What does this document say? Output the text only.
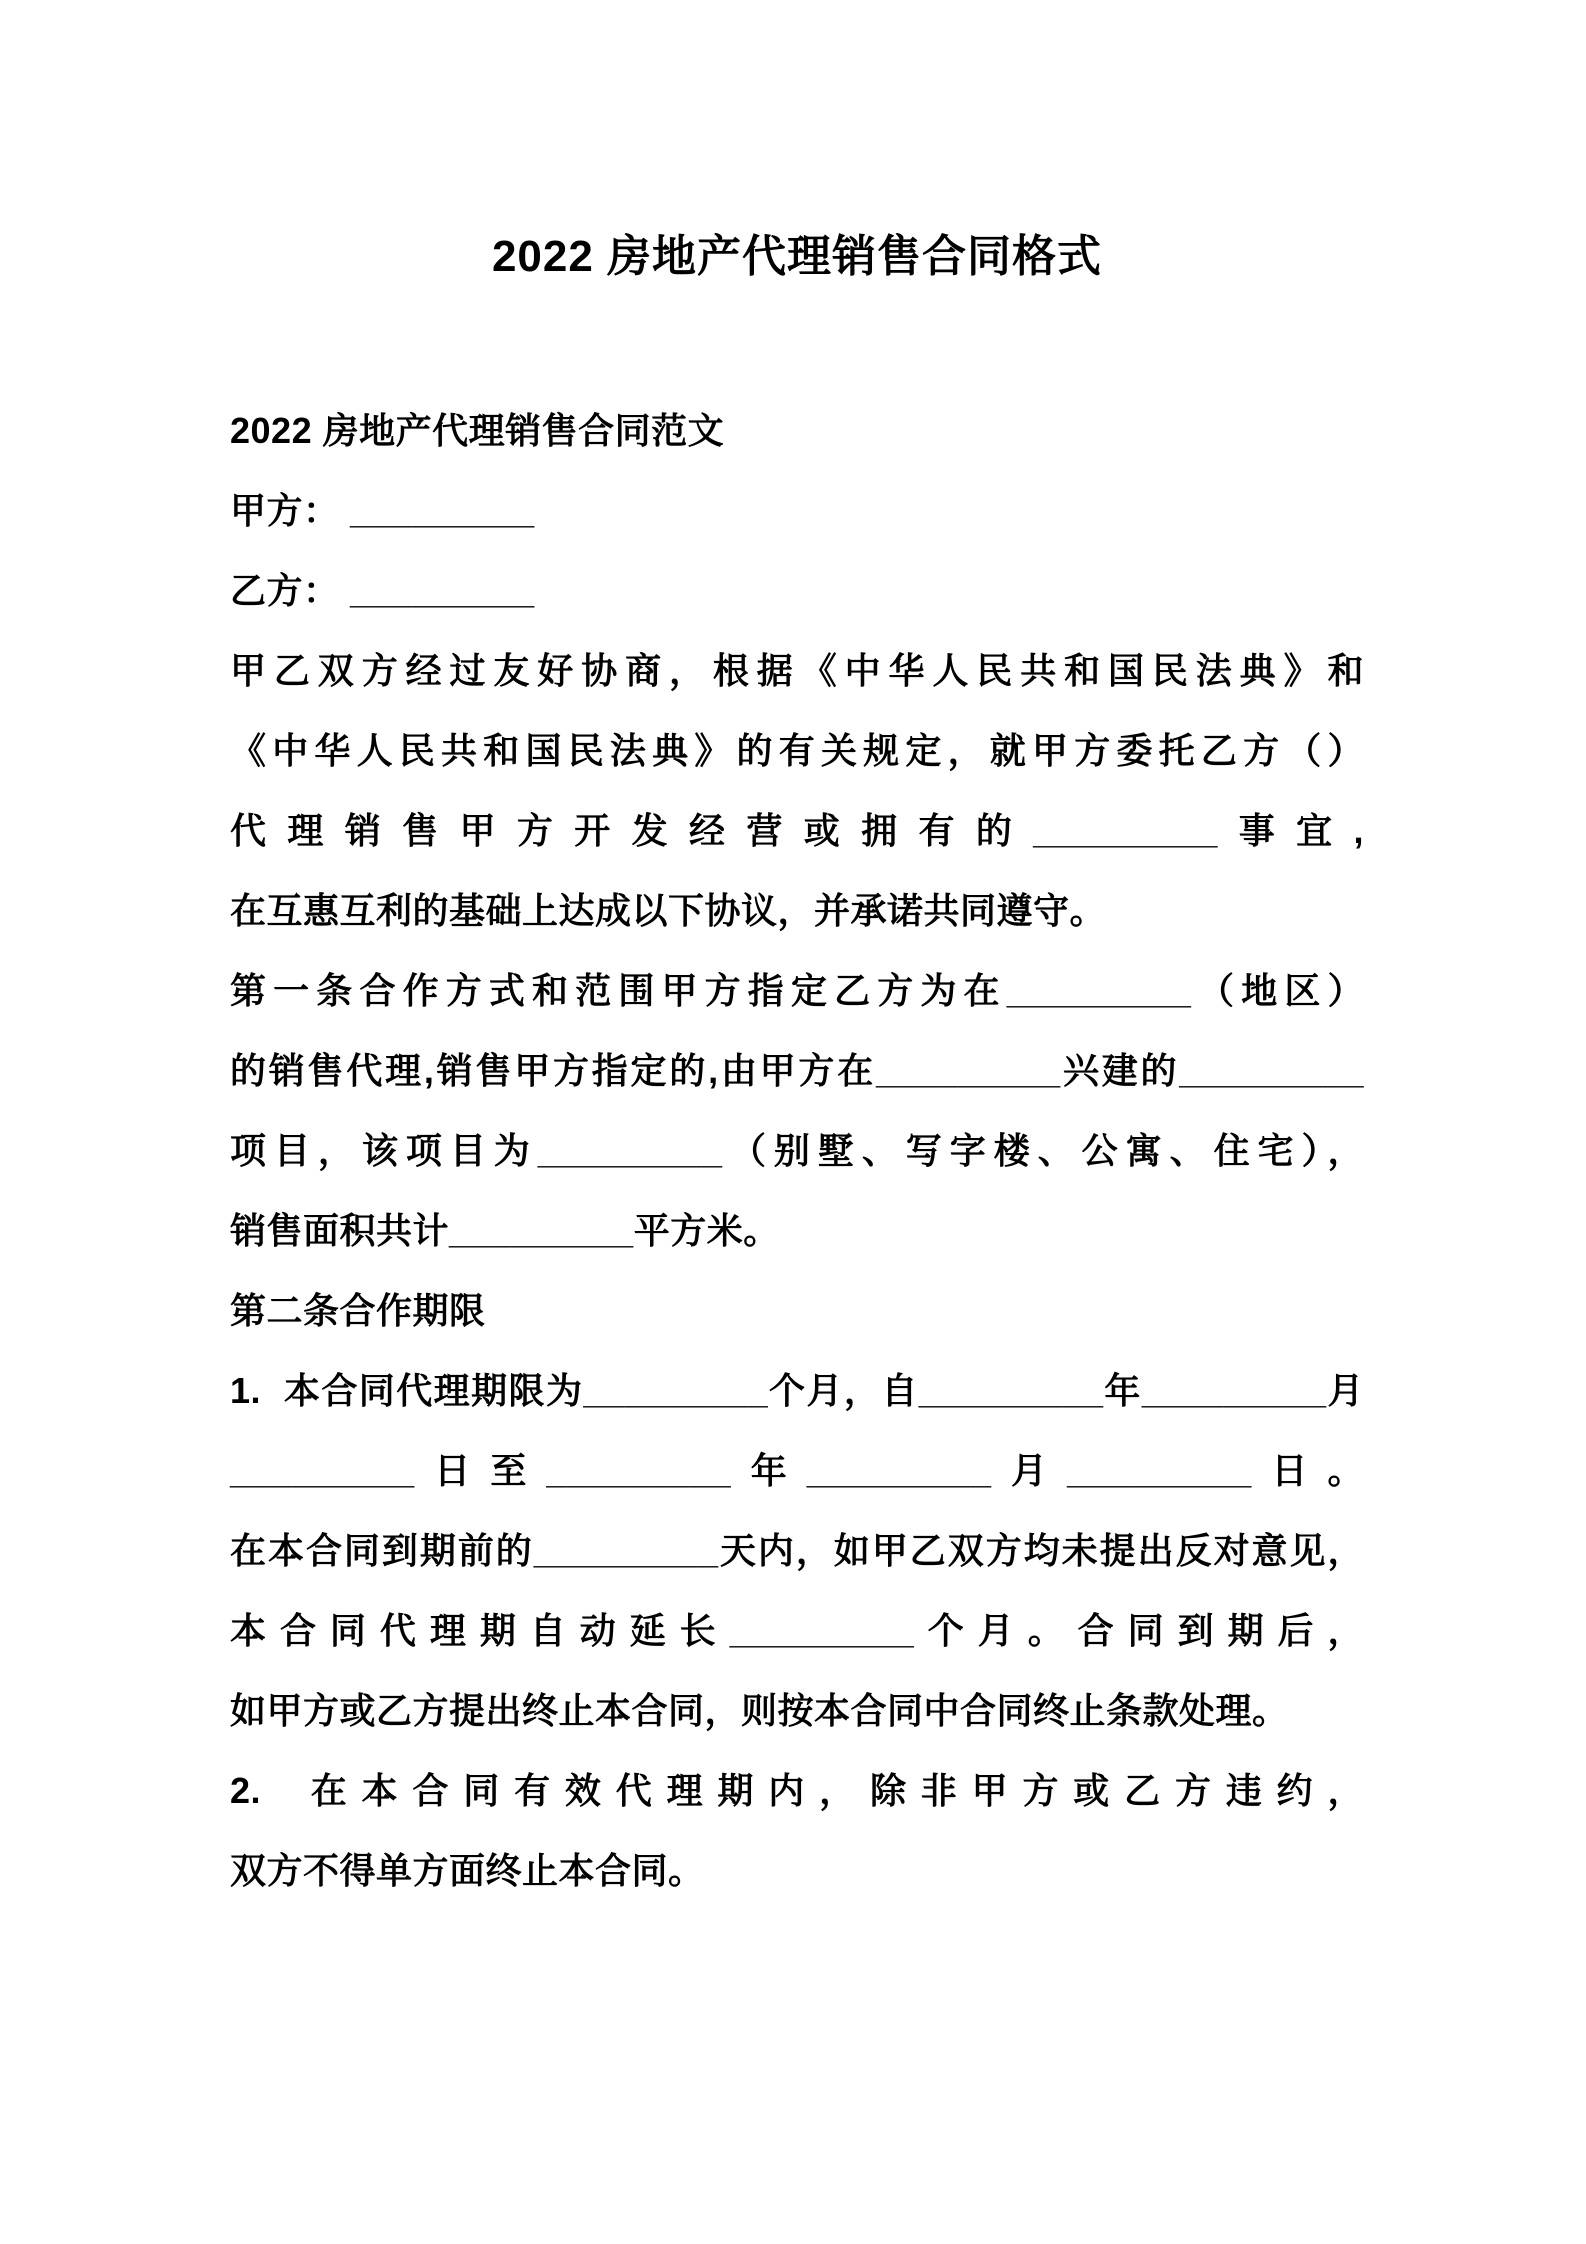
2022 房地产代理销售合同格式

2022 房地产代理销售合同范文

甲方： _________

乙方： _________

甲乙双方经过友好协商，根据《中华人民共和国民法典》和《中华人民共和国民法典》的有关规定，就甲方委托乙方（）代理销售甲方开发经营或拥有的_________事宜,在互惠互利的基础上达成以下协议，并承诺共同遵守。

第一条合作方式和范围甲方指定乙方为在_________（地区）的销售代理,销售甲方指定的,由甲方在_________兴建的_________项目，该项目为_________（别墅、写字楼、公寓、住宅），销售面积共计_________平方米。

第二条合作期限

1.  本合同代理期限为_________个月，自_________年_________月_________日至_________年_________月_________日。在本合同到期前的_________天内，如甲乙双方均未提出反对意见，本合同代理期自动延长_________个月。合同到期后，如甲方或乙方提出终止本合同，则按本合同中合同终止条款处理。

2.  在本合同有效代理期内，除非甲方或乙方违约，双方不得单方面终止本合同。
